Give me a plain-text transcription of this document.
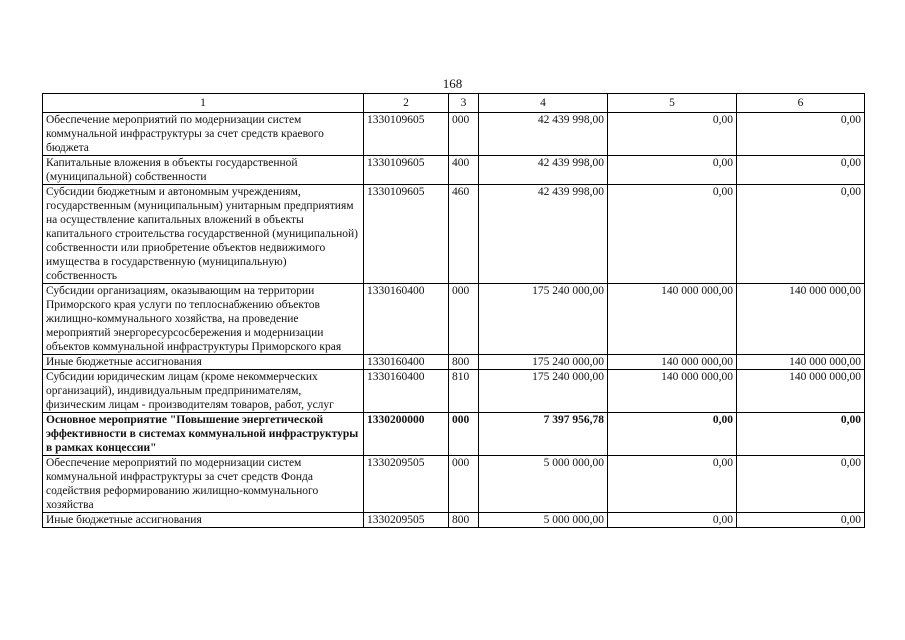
168
1	2	3	4	5	6
Обеспечение мероприятий по модернизации систем коммунальной инфраструктуры за счет средств краевого бюджета	1330109605	000	42 439 998,00	0,00	0,00
Капитальные вложения в объекты государственной (муниципальной) собственности	1330109605	400	42 439 998,00	0,00	0,00
Субсидии бюджетным и автономным учреждениям, государственным (муниципальным) унитарным предприятиям на осуществление капитальных вложений в объекты капитального строительства государственной (муниципальной) собственности или приобретение объектов недвижимого имущества в государственную (муниципальную) собственность	1330109605	460	42 439 998,00	0,00	0,00
Субсидии организациям, оказывающим на территории Приморского края услуги по теплоснабжению объектов жилищно-коммунального хозяйства, на проведение мероприятий энергоресурсосбережения и модернизации объектов коммунальной инфраструктуры Приморского края	1330160400	000	175 240 000,00	140 000 000,00	140 000 000,00
Иные бюджетные ассигнования	1330160400	800	175 240 000,00	140 000 000,00	140 000 000,00
Субсидии юридическим лицам (кроме некоммерческих организаций), индивидуальным предпринимателям, физическим лицам - производителям товаров, работ, услуг	1330160400	810	175 240 000,00	140 000 000,00	140 000 000,00
Основное мероприятие "Повышение энергетической эффективности в системах коммунальной инфраструктуры в рамках концессии"	1330200000	000	7 397 956,78	0,00	0,00
Обеспечение мероприятий по модернизации систем коммунальной инфраструктуры за счет средств Фонда содействия реформированию жилищно-коммунального хозяйства	1330209505	000	5 000 000,00	0,00	0,00
Иные бюджетные ассигнования	1330209505	800	5 000 000,00	0,00	0,00
